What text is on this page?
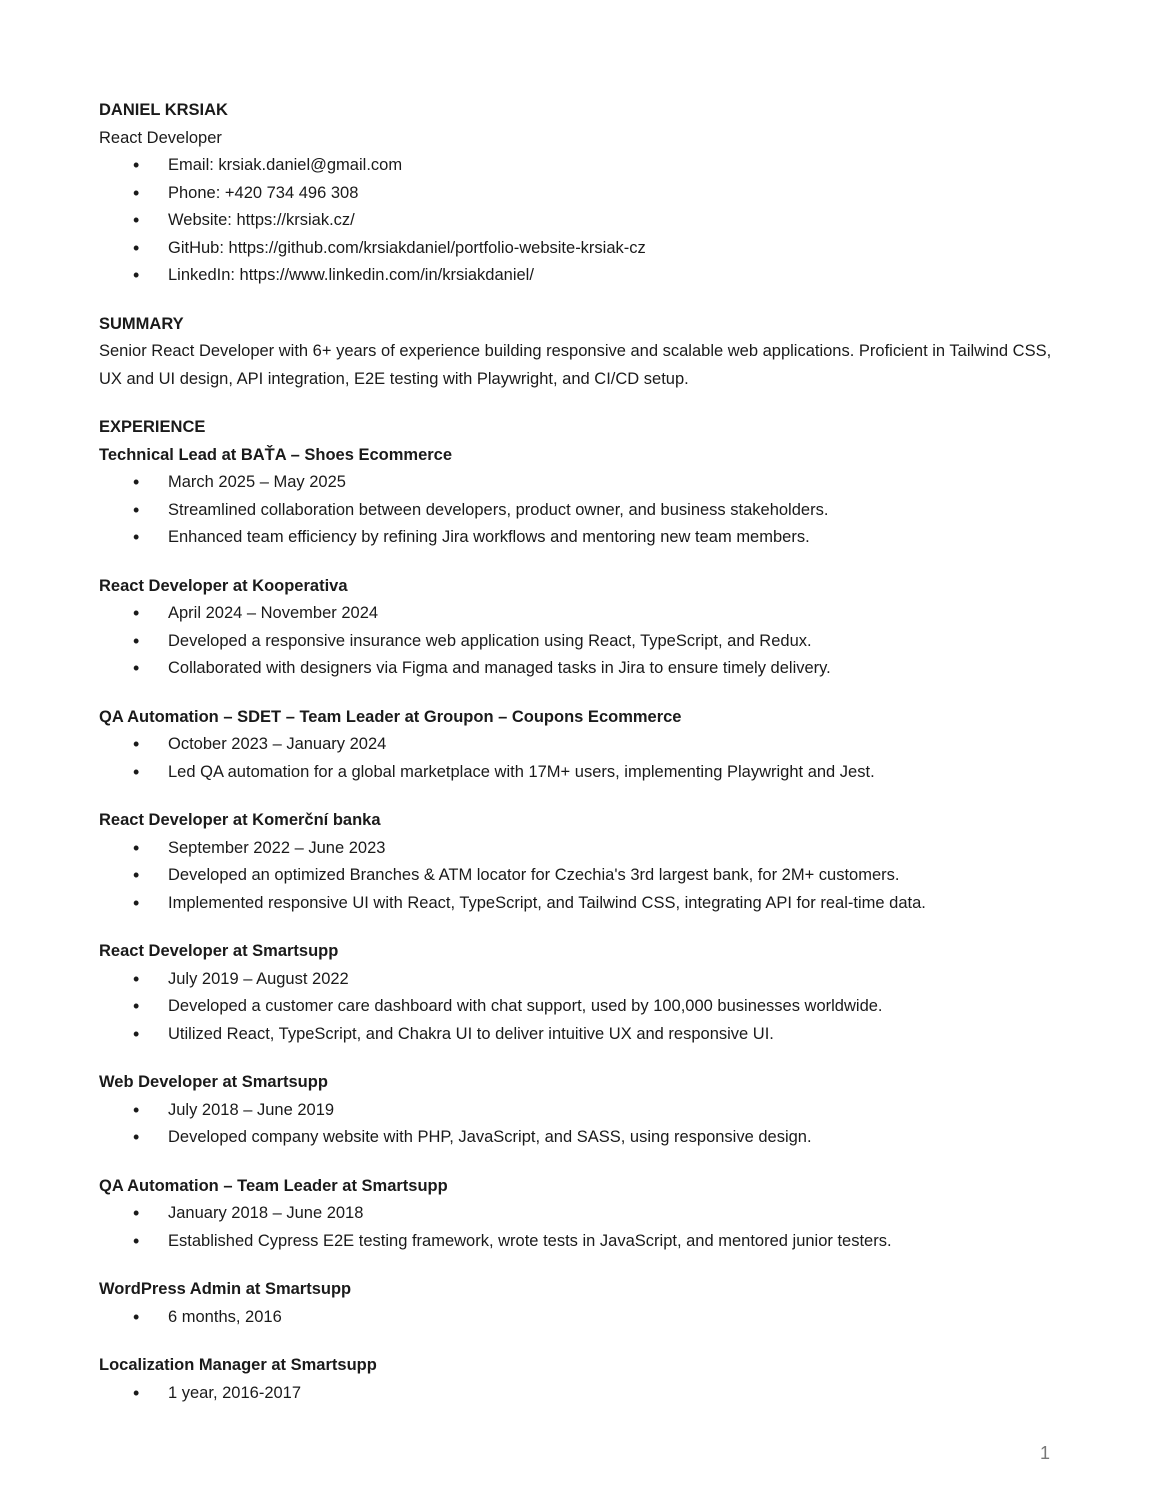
DANIEL KRSIAK

React Developer

• Email: krsiak.daniel@gmail.com
• Phone: +420 734 496 308
• Website: https://krsiak.cz/
• GitHub: https://github.com/krsiakdaniel/portfolio-website-krsiak-cz
• LinkedIn: https://www.linkedin.com/in/krsiakdaniel/

SUMMARY

Senior React Developer with 6+ years of experience building responsive and scalable web applications. Proficient in Tailwind CSS, UX and UI design, API integration, E2E testing with Playwright, and CI/CD setup.

EXPERIENCE

Technical Lead at BAŤA – Shoes Ecommerce

• March 2025 – May 2025
• Streamlined collaboration between developers, product owner, and business stakeholders.
• Enhanced team efficiency by refining Jira workflows and mentoring new team members.

React Developer at Kooperativa

• April 2024 – November 2024
• Developed a responsive insurance web application using React, TypeScript, and Redux.
• Collaborated with designers via Figma and managed tasks in Jira to ensure timely delivery.

QA Automation – SDET – Team Leader at Groupon – Coupons Ecommerce

• October 2023 – January 2024
• Led QA automation for a global marketplace with 17M+ users, implementing Playwright and Jest.

React Developer at Komerční banka

• September 2022 – June 2023
• Developed an optimized Branches & ATM locator for Czechia's 3rd largest bank, for 2M+ customers.
• Implemented responsive UI with React, TypeScript, and Tailwind CSS, integrating API for real-time data.

React Developer at Smartsupp

• July 2019 – August 2022
• Developed a customer care dashboard with chat support, used by 100,000 businesses worldwide.
• Utilized React, TypeScript, and Chakra UI to deliver intuitive UX and responsive UI.

Web Developer at Smartsupp

• July 2018 – June 2019
• Developed company website with PHP, JavaScript, and SASS, using responsive design.

QA Automation – Team Leader at Smartsupp

• January 2018 – June 2018
• Established Cypress E2E testing framework, wrote tests in JavaScript, and mentored junior testers.

WordPress Admin at Smartsupp

• 6 months, 2016

Localization Manager at Smartsupp

• 1 year, 2016-2017
1
